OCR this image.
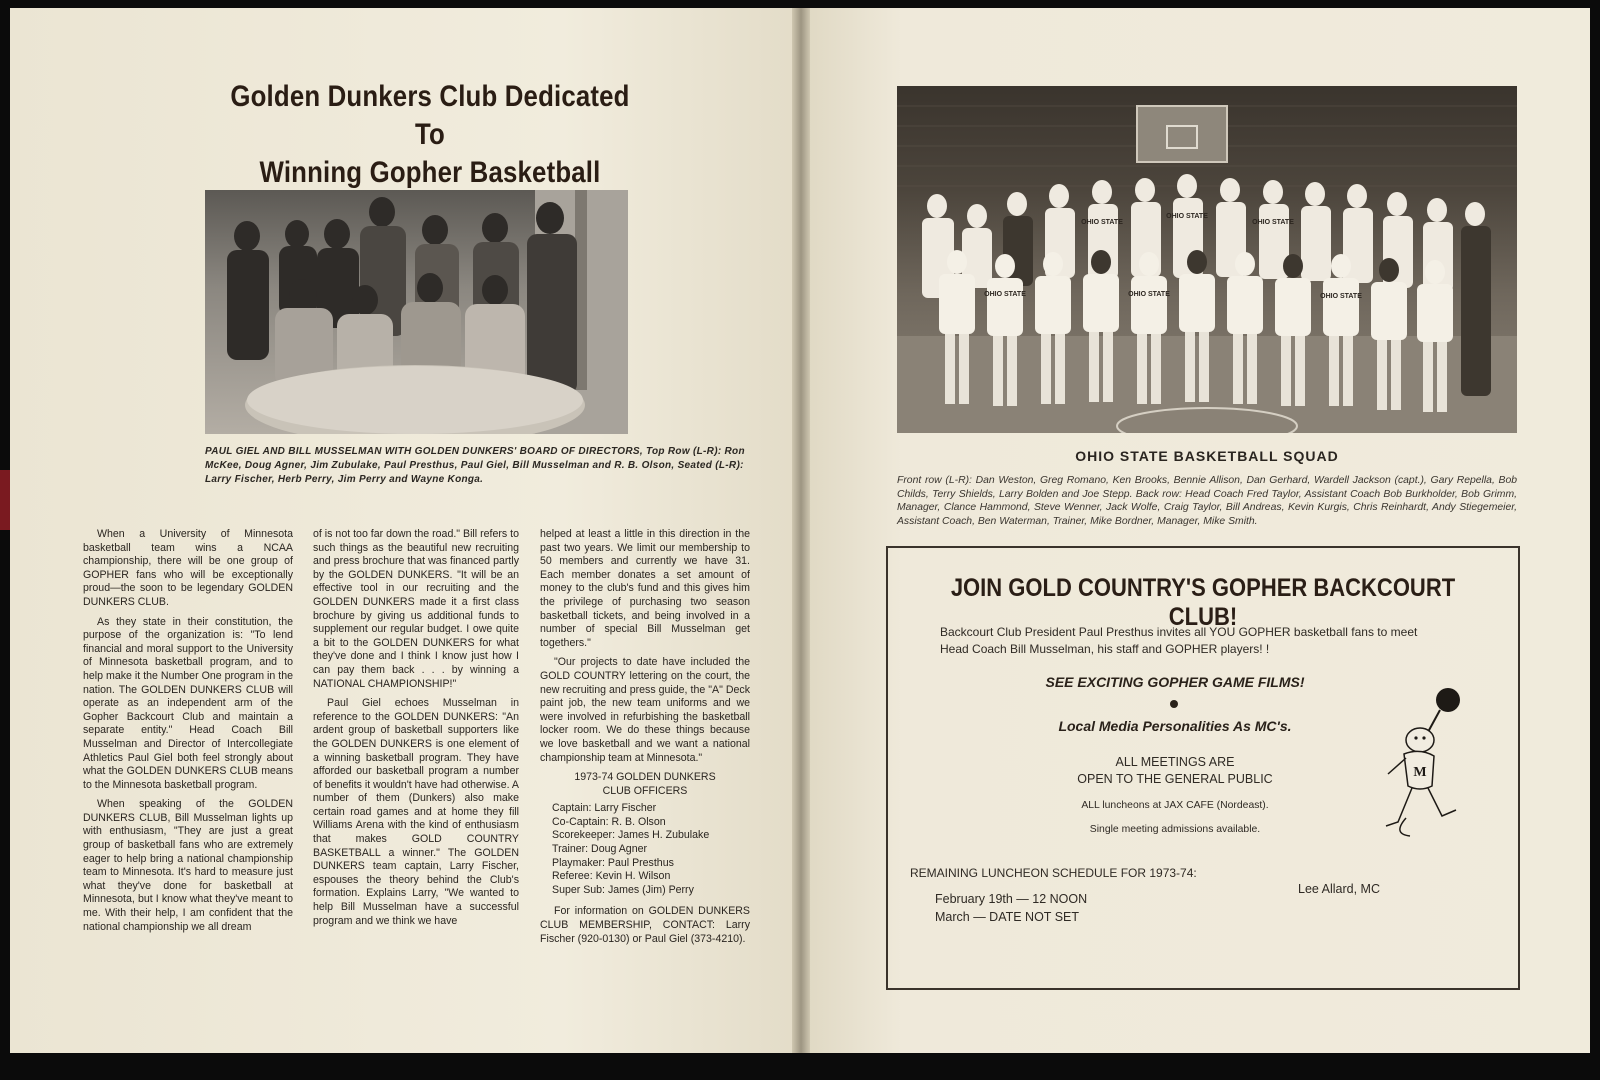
Golden Dunkers Club Dedicated To
Winning Gopher Basketball
PAUL GIEL AND BILL MUSSELMAN WITH GOLDEN DUNKERS' BOARD OF DIRECTORS, Top Row (L-R): Ron McKee, Doug Agner, Jim Zubulake, Paul Presthus, Paul Giel, Bill Musselman and R. B. Olson, Seated (L-R): Larry Fischer, Herb Perry, Jim Perry and Wayne Konga.

When a University of Minnesota basketball team wins a NCAA championship, there will be one group of GOPHER fans who will be exceptionally proud—the soon to be legendary GOLDEN DUNKERS CLUB.

As they state in their constitution, the purpose of the organization is: "To lend financial and moral support to the University of Minnesota basketball program, and to help make it the Number One program in the nation. The GOLDEN DUNKERS CLUB will operate as an independent arm of the Gopher Backcourt Club and maintain a separate entity." Head Coach Bill Musselman and Director of Intercollegiate Athletics Paul Giel both feel strongly about what the GOLDEN DUNKERS CLUB means to the Minnesota basketball program.

When speaking of the GOLDEN DUNKERS CLUB, Bill Musselman lights up with enthusiasm, "They are just a great group of basketball fans who are extremely eager to help bring a national championship team to Minnesota. It's hard to measure just what they've done for basketball at Minnesota, but I know what they've meant to me. With their help, I am confident that the national championship we all dream

of is not too far down the road." Bill refers to such things as the beautiful new recruiting and press brochure that was financed partly by the GOLDEN DUNKERS. "It will be an effective tool in our recruiting and the GOLDEN DUNKERS made it a first class brochure by giving us additional funds to supplement our regular budget. I owe quite a bit to the GOLDEN DUNKERS for what they've done and I think I know just how I can pay them back . . . by winning a NATIONAL CHAMPIONSHIP!"

Paul Giel echoes Musselman in reference to the GOLDEN DUNKERS: "An ardent group of basketball supporters like the GOLDEN DUNKERS is one element of a winning basketball program. They have afforded our basketball program a number of benefits it wouldn't have had otherwise. A number of them (Dunkers) also make certain road games and at home they fill Williams Arena with the kind of enthusiasm that makes GOLD COUNTRY BASKETBALL a winner." The GOLDEN DUNKERS team captain, Larry Fischer, espouses the theory behind the Club's formation. Explains Larry, "We wanted to help Bill Musselman have a successful program and we think we have

helped at least a little in this direction in the past two years. We limit our membership to 50 members and currently we have 31. Each member donates a set amount of money to the club's fund and this gives him the privilege of purchasing two season basketball tickets, and being involved in a number of special Bill Musselman get togethers."

"Our projects to date have included the GOLD COUNTRY lettering on the court, the new recruiting and press guide, the "A" Deck paint job, the new team uniforms and we were involved in refurbishing the basketball locker room. We do these things because we love basketball and we want a national championship team at Minnesota."

1973-74 GOLDEN DUNKERS
CLUB OFFICERS
Captain: Larry Fischer
Co-Captain: R. B. Olson
Scorekeeper: James H. Zubulake
Trainer: Doug Agner
Playmaker: Paul Presthus
Referee: Kevin H. Wilson
Super Sub: James (Jim) Perry

For information on GOLDEN DUNKERS CLUB MEMBERSHIP, CONTACT: Larry Fischer (920-0130) or Paul Giel (373-4210).

OHIO STATE
OHIO STATE
OHIO STATE
OHIO STATE	OHIO STATE	OHIO STATE
OHIO STATE BASKETBALL SQUAD
Front row (L-R): Dan Weston, Greg Romano, Ken Brooks, Bennie Allison, Dan Gerhard, Wardell Jackson (capt.), Gary Repella, Bob Childs, Terry Shields, Larry Bolden and Joe Stepp. Back row: Head Coach Fred Taylor, Assistant Coach Bob Burkholder, Bob Grimm, Manager, Clance Hammond, Steve Wenner, Jack Wolfe, Craig Taylor, Bill Andreas, Kevin Kurgis, Chris Reinhardt, Andy Stiegemeier, Assistant Coach, Ben Waterman, Trainer, Mike Bordner, Manager, Mike Smith.
JOIN GOLD COUNTRY'S GOPHER BACKCOURT CLUB!
Backcourt Club President Paul Presthus invites all YOU GOPHER basketball fans to meet Head Coach Bill Musselman, his staff and GOPHER players! !
SEE EXCITING GOPHER GAME FILMS!
Local Media Personalities As MC's.
ALL MEETINGS ARE
OPEN TO THE GENERAL PUBLIC
ALL luncheons at JAX CAFE (Nordeast).
Single meeting admissions available.
REMAINING LUNCHEON SCHEDULE FOR 1973-74:
February 19th — 12 NOON
March — DATE NOT SET
Lee Allard, MC
M
